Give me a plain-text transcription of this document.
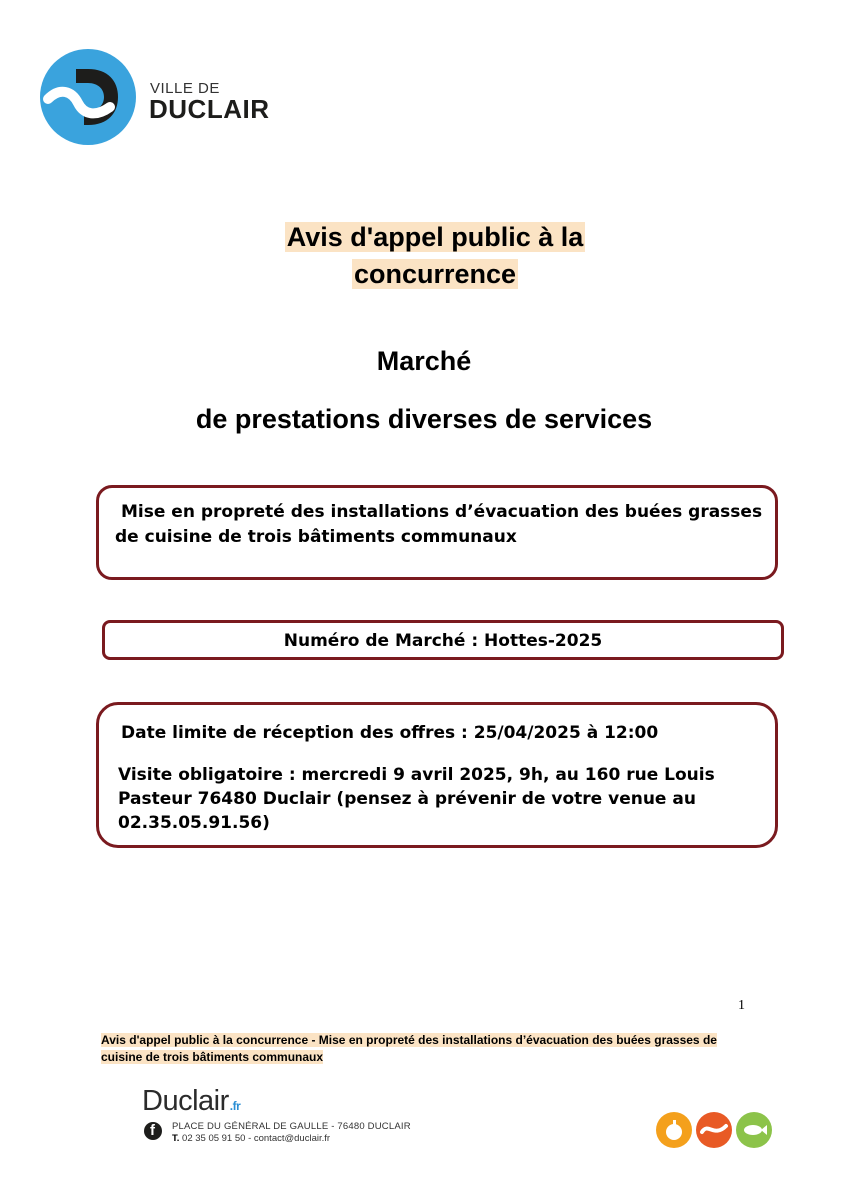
VILLE DE
DUCLAIR
Avis d'appel public à la
concurrence
Marché
de prestations diverses de services
Mise en propreté des installations d’évacuation des buées grasses
de cuisine de trois bâtiments communaux
Numéro de Marché : Hottes-2025
Date limite de réception des offres : 25/04/2025 à 12:00
Visite obligatoire : mercredi 9 avril 2025, 9h, au 160 rue Louis Pasteur 76480 Duclair (pensez à prévenir de votre venue au 02.35.05.91.56)
1
Avis d'appel public à la concurrence - Mise en propreté des installations d’évacuation des buées grasses de cuisine de trois bâtiments communaux
Duclair.fr
f PLACE DU GÉNÉRAL DE GAULLE - 76480 DUCLAIR
T. 02 35 05 91 50 - contact@duclair.fr
